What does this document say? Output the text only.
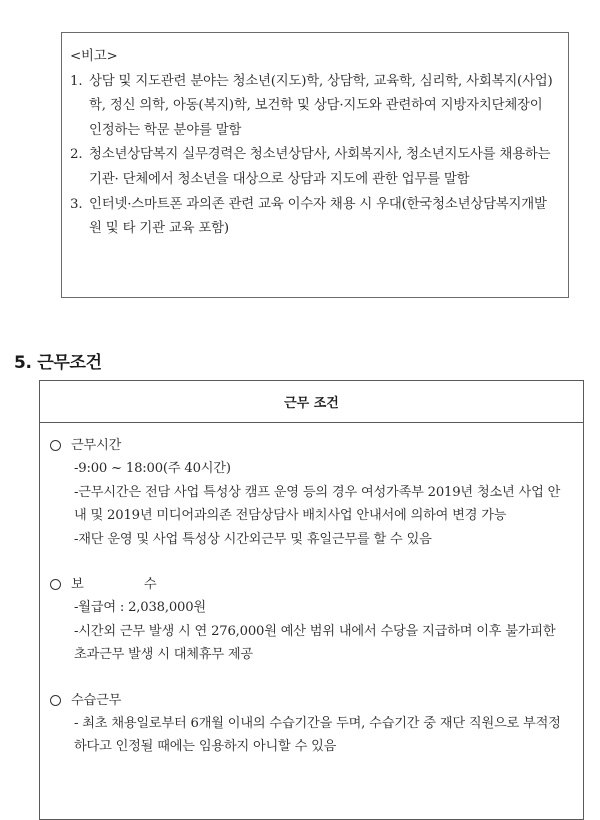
<비고>
1. 상담 및 지도관련 분야는 청소년(지도)학, 상담학, 교육학, 심리학, 사회복지(사업)학, 정신 의학, 아동(복지)학, 보건학 및 상담·지도와 관련하여 지방자치단체장이 인정하는 학문 분야를 말함
2. 청소년상담복지 실무경력은 청소년상담사, 사회복지사, 청소년지도사를 채용하는 기관· 단체에서 청소년을 대상으로 상담과 지도에 관한 업무를 말함
3. 인터넷·스마트폰 과의존 관련 교육 이수자 채용 시 우대(한국청소년상담복지개발원 및 타 기관 교육 포함)
5. 근무조건
근무 조건
근무시간
-9:00 ~ 18:00(주 40시간)
-근무시간은 전담 사업 특성상 캠프 운영 등의 경우 여성가족부 2019년 청소년 사업 안내 및 2019년 미디어과의존 전담상담사 배치사업 안내서에 의하여 변경 가능
-재단 운영 및 사업 특성상 시간외근무 및 휴일근무를 할 수 있음
보 수
-월급여 : 2,038,000원
-시간외 근무 발생 시 연 276,000원 예산 범위 내에서 수당을 지급하며 이후 불가피한 초과근무 발생 시 대체휴무 제공
수습근무
- 최초 채용일로부터 6개월 이내의 수습기간을 두며, 수습기간 중 재단 직원으로 부적정하다고 인정될 때에는 임용하지 아니할 수 있음
